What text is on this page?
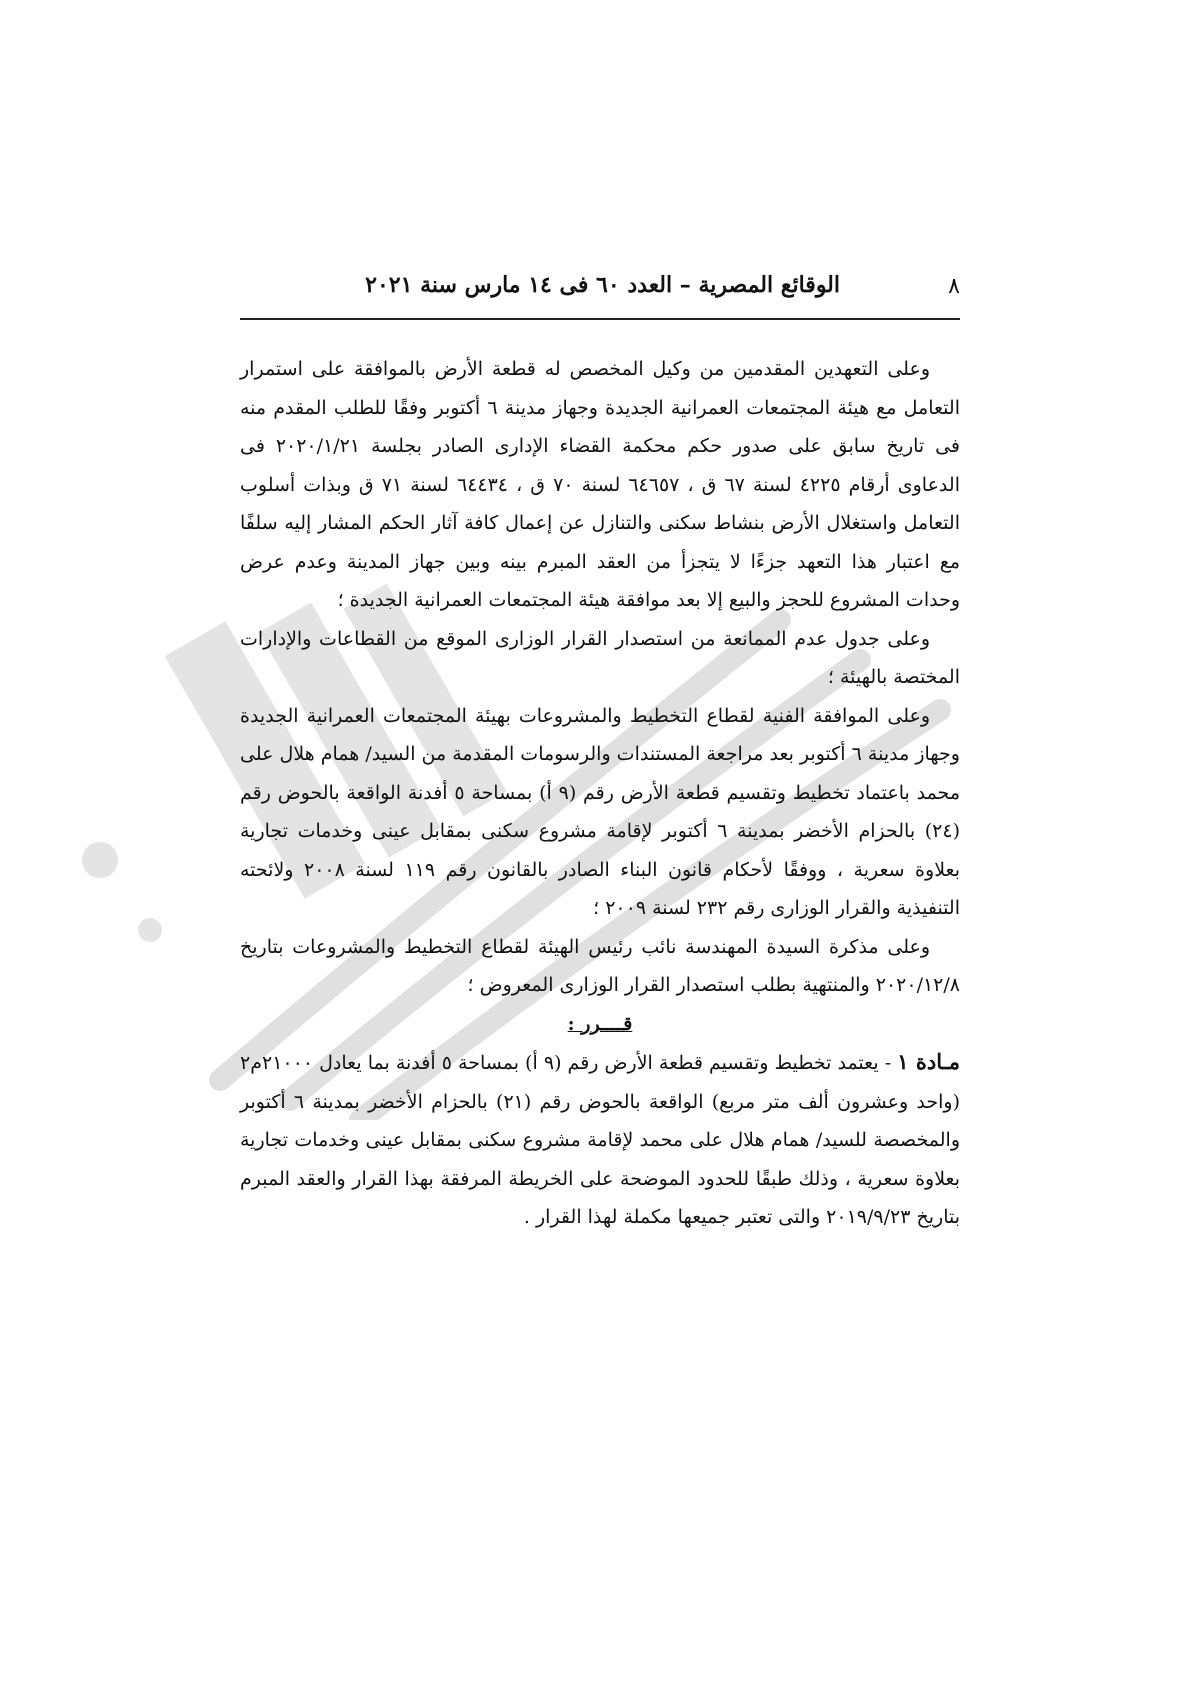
٨
الوقائع المصرية – العدد ٦٠ فى ١٤ مارس سنة ٢٠٢١

وعلى التعهدين المقدمين من وكيل المخصص له قطعة الأرض بالموافقة على استمرار التعامل مع هيئة المجتمعات العمرانية الجديدة وجهاز مدينة ٦ أكتوبر وفقًا للطلب المقدم منه فى تاريخ سابق على صدور حكم محكمة القضاء الإدارى الصادر بجلسة ٢٠٢٠/١/٢١ فى الدعاوى أرقام ٤٢٢٥ لسنة ٦٧ ق ، ٦٤٦٥٧ لسنة ٧٠ ق ، ٦٤٤٣٤ لسنة ٧١ ق وبذات أسلوب التعامل واستغلال الأرض بنشاط سكنى والتنازل عن إعمال كافة آثار الحكم المشار إليه سلفًا مع اعتبار هذا التعهد جزءًا لا يتجزأ من العقد المبرم بينه وبين جهاز المدينة وعدم عرض وحدات المشروع للحجز والبيع إلا بعد موافقة هيئة المجتمعات العمرانية الجديدة ؛

وعلى جدول عدم الممانعة من استصدار القرار الوزارى الموقع من القطاعات والإدارات المختصة بالهيئة ؛

وعلى الموافقة الفنية لقطاع التخطيط والمشروعات بهيئة المجتمعات العمرانية الجديدة وجهاز مدينة ٦ أكتوبر بعد مراجعة المستندات والرسومات المقدمة من السيد/ همام هلال على محمد باعتماد تخطيط وتقسيم قطعة الأرض رقم (٩ أ) بمساحة ٥ أفدنة الواقعة بالحوض رقم (٢٤) بالحزام الأخضر بمدينة ٦ أكتوبر لإقامة مشروع سكنى بمقابل عينى وخدمات تجارية بعلاوة سعرية ، ووفقًا لأحكام قانون البناء الصادر بالقانون رقم ١١٩ لسنة ٢٠٠٨ ولائحته التنفيذية والقرار الوزارى رقم ٢٣٢ لسنة ٢٠٠٩ ؛

وعلى مذكرة السيدة المهندسة نائب رئيس الهيئة لقطاع التخطيط والمشروعات بتاريخ ٢٠٢٠/١٢/٨ والمنتهية بطلب استصدار القرار الوزارى المعروض ؛

قــــرر :

مـادة ١ - يعتمد تخطيط وتقسيم قطعة الأرض رقم (٩ أ) بمساحة ٥ أفدنة بما يعادل ٢١٠٠٠م٢ (واحد وعشرون ألف متر مربع) الواقعة بالحوض رقم (٢١) بالحزام الأخضر بمدينة ٦ أكتوبر والمخصصة للسيد/ همام هلال على محمد لإقامة مشروع سكنى بمقابل عينى وخدمات تجارية بعلاوة سعرية ، وذلك طبقًا للحدود الموضحة على الخريطة المرفقة بهذا القرار والعقد المبرم بتاريخ ٢٠١٩/٩/٢٣ والتى تعتبر جميعها مكملة لهذا القرار .
